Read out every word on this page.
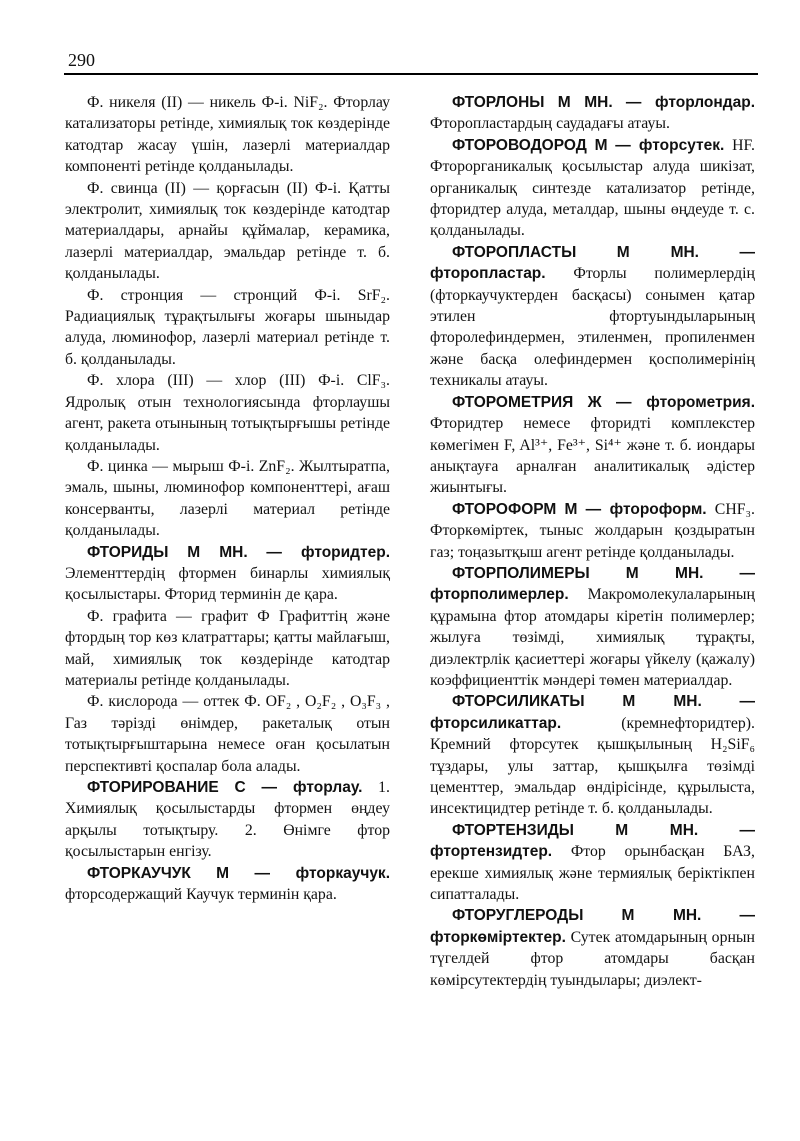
290

Ф. никеля (II) — никель Ф-і. NiF₂. Фторлау катализаторы ретінде, химиялық ток көздерінде катодтар жасау үшін, лазерлі материалдар компоненті ретінде қолданылады.

Ф. свинца (II) — қорғасын (II) Ф-і. Қатты электролит, химиялық ток көздерінде катодтар материалдары, арнайы құймалар, керамика, лазерлі материалдар, эмальдар ретінде т. б. қолданылады.

Ф. стронция — стронций Ф-і. SrF₂. Радиациялық тұрақтылығы жоғары шыныдар алуда, люминофор, лазерлі материал ретінде т. б. қолданылады.

Ф. хлора (III) — хлор (III) Ф-і. ClF₃. Ядролық отын технологиясында фторлаушы агент, ракета отынының тотықтырғышы ретінде қолданылады.

Ф. цинка — мырыш Ф-і. ZnF₂. Жылтыратпа, эмаль, шыны, люминофор компоненттері, ағаш консерванты, лазерлі материал ретінде қолданылады.

ФТОРИДЫ М МН. — фторидтер. Элементтердің фтормен бинарлы химиялық қосылыстары. Фторид терминін де қара.

Ф. графита — графит Ф Графиттің және фтордың тор көз клатраттары; қатты майлағыш, май, химиялық ток көздерінде катодтар материалы ретінде қолданылады.

Ф. кислорода — оттек Ф. OF₂ , O₂F₂ , O₃F₃ , Газ тәрізді өнімдер, ракеталық отын тотықтырғыштарына немесе оған қосылатын перспективті қоспалар бола алады.

ФТОРИРОВАНИЕ С — фторлау. 1. Химиялық қосылыстарды фтормен өңдеу арқылы тотықтыру. 2. Өнімге фтор қосылыстарын енгізу.

ФТОРКАУЧУК М — фторкаучук. фторсодержащий Каучук терминін қара.

ФТОРЛОНЫ М МН. — фторлондар. Фторопластардың саудадағы атауы.

ФТОРОВОДОРОД М — фторсутек. HF. Фторорганикалық қосылыстар алуда шикізат, органикалық синтезде катализатор ретінде, фторидтер алуда, металдар, шыны өңдеуде т. с. қолданылады.

ФТОРОПЛАСТЫ	М МН.	— фторопластар. Фторлы полимерлердің (фторкаучуктерден басқасы) сонымен қатар этилен фтортуындыларының фторолефиндермен, этиленмен, пропиленмен және басқа олефиндермен қосполимерінің техникалы атауы.

ФТОРОМЕТРИЯ Ж — фторометрия. Фторидтер немесе фторидті комплекстер көмегімен F, Al³⁺, Fe³⁺, Si⁴⁺ және т. б. иондары анықтауға арналған аналитикалық әдістер жиынтығы.

ФТОРОФОРМ М — фтороформ. CHF₃. Фторкөміртек, тыныс жолдарын қоздыратын газ; тоңазытқыш агент ретінде қолданылады.

ФТОРПОЛИМЕРЫ М МН. — фторполимерлер. Макромолекулаларының құрамына фтор атомдары кіретін полимерлер; жылуға төзімді, химиялық тұрақты, диэлектрлік қасиеттері жоғары үйкелу (қажалу) коэффициенттік мәндері төмен материалдар.

ФТОРСИЛИКАТЫ М МН. — фторсиликаттар. (кремнефторидтер). Кремний фторсутек қышқылының H₂SiF₆ тұздары, улы заттар, қышқылға төзімді цементтер, эмальдар өндірісінде, құрылыста, инсектицидтер ретінде т. б. қолданылады.

ФТОРТЕНЗИДЫ	М МН.	— фтортензидтер. Фтор орынбасқан БАЗ, ерекше химиялық және термиялық беріктікпен сипатталады.

ФТОРУГЛЕРОДЫ М МН. — фторкөміртектер. Сутек атомдарының орнын түгелдей фтор атомдары басқан көмірсутектердің туындылары; диэлект-
